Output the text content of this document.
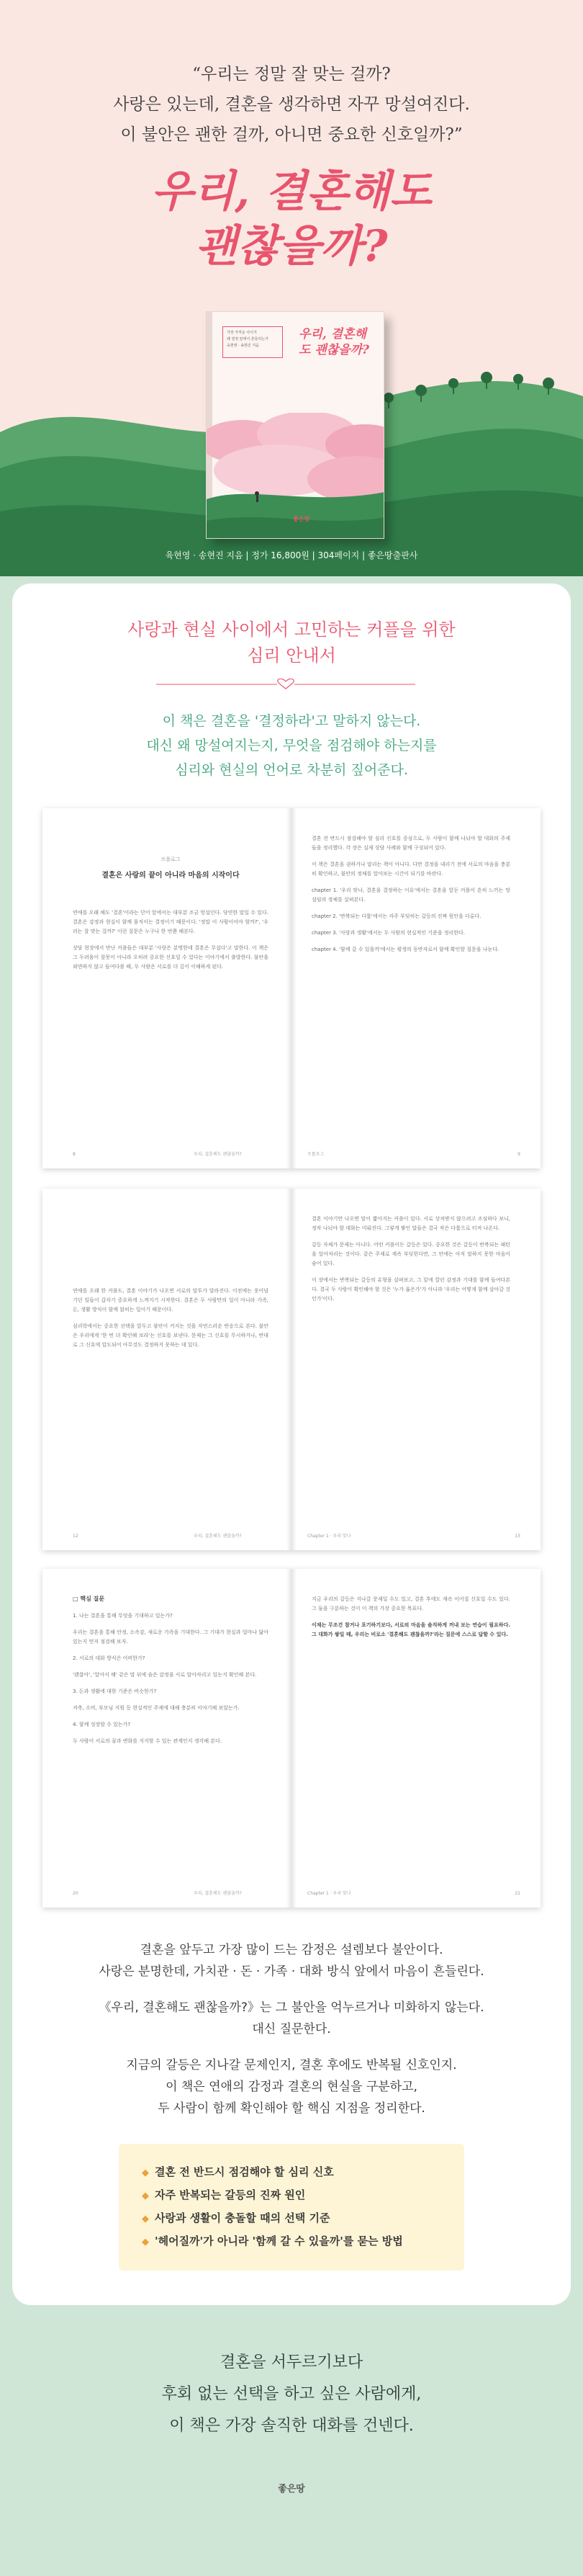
“우리는 정말 잘 맞는 걸까?

사랑은 있는데, 결혼을 생각하면 자꾸 망설여진다.

이 불안은 괜한 걸까, 아니면 중요한 신호일까?”

우리, 결혼해도
괜찮을까?
가장 가까운 사이가
왜 결정 앞에서 흔들리는가
육현영 · 송현진 지음
우리, 결혼해도 괜찮을까?
좋은땅
육현영 · 송현진 지음 | 정가 16,800원 | 304페이지 | 좋은땅출판사
사랑과 현실 사이에서 고민하는 커플을 위한
심리 안내서

이 책은 결혼을 '결정하라'고 말하지 않는다.

대신 왜 망설여지는지, 무엇을 점검해야 하는지를

심리와 현실의 언어로 차분히 짚어준다.

프롤로그
결혼은 사랑의 끝이 아니라 마음의 시작이다

연애를 오래 해도 '결혼'이라는 단어 앞에서는 대부분 조금 망설인다. 당연한 말일 수 있다. 결혼은 감정과 현실이 함께 움직이는 결정이기 때문이다. '정말 이 사람이어야 할까?', '우리는 잘 맞는 걸까?' 이런 질문은 누구나 한 번쯤 해본다.

상담 현장에서 만난 커플들은 대부분 '사랑은 분명한데 결혼은 무섭다'고 말한다. 이 책은 그 두려움이 잘못이 아니라 오히려 중요한 신호일 수 있다는 이야기에서 출발한다. 불안을 외면하지 않고 들여다볼 때, 두 사람은 서로를 더 깊이 이해하게 된다.

결혼 전 반드시 점검해야 할 심리 신호를 중심으로, 두 사람이 함께 나눠야 할 대화의 주제들을 정리했다. 각 장은 실제 상담 사례와 함께 구성되어 있다.

이 책은 결혼을 권하거나 말리는 책이 아니다. 다만 결정을 내리기 전에 서로의 마음을 충분히 확인하고, 불안의 정체를 알아보는 시간이 되기를 바란다.

chapter 1. '우리 맞나, 결혼을 결정하는 이유'에서는 결혼을 앞둔 커플이 흔히 느끼는 망설임의 정체를 살펴본다.

chapter 2. '반복되는 다툼'에서는 자주 부딪히는 갈등의 진짜 원인을 다룬다.

chapter 3. '사랑과 생활'에서는 두 사람의 현실적인 기준을 정리한다.

chapter 4. '함께 갈 수 있을까'에서는 평생의 동반자로서 함께 확인할 질문을 나눈다.

8	우리, 결혼해도 괜찮을까?	프롤로그	9

연애를 오래 한 커플도, 결혼 이야기가 나오면 서로의 말투가 달라진다. 이전에는 웃어넘기던 일들이 갑자기 중요하게 느껴지기 시작한다. 결혼은 두 사람만의 일이 아니라 가족, 돈, 생활 방식이 함께 얽히는 일이기 때문이다.

심리학에서는 중요한 선택을 앞두고 불안이 커지는 것을 자연스러운 반응으로 본다. 불안은 우리에게 '한 번 더 확인해 보라'는 신호를 보낸다. 문제는 그 신호를 무시하거나, 반대로 그 신호에 압도되어 아무것도 결정하지 못하는 데 있다.

결혼 이야기만 나오면 말이 짧아지는 커플이 있다. 서로 상처받지 않으려고 조심하다 보니, 정작 나눠야 할 대화는 미뤄진다. 그렇게 쌓인 말들은 결국 작은 다툼으로 터져 나온다.

갈등 자체가 문제는 아니다. 어떤 커플이든 갈등은 있다. 중요한 것은 갈등이 반복되는 패턴을 알아차리는 것이다. 같은 주제로 계속 부딪힌다면, 그 안에는 아직 말하지 못한 마음이 숨어 있다.

이 장에서는 반복되는 갈등의 유형을 살펴보고, 그 밑에 깔린 감정과 기대를 함께 들여다본다. 결국 두 사람이 확인해야 할 것은 '누가 옳은가'가 아니라 '우리는 어떻게 함께 살아갈 것인가'이다.

12	우리, 결혼해도 괜찮을까?	Chapter 1 · 우리 맞나	13
□ 핵심 질문

1. 나는 결혼을 통해 무엇을 기대하고 있는가?

우리는 결혼을 통해 안정, 소속감, 새로운 가족을 기대한다. 그 기대가 현실과 얼마나 닮아 있는지 먼저 점검해 보자.

2. 서로의 대화 방식은 어떠한가?

'괜찮아', '알아서 해' 같은 말 뒤에 숨은 감정을 서로 알아차리고 있는지 확인해 본다.

3. 돈과 생활에 대한 기준은 비슷한가?

저축, 소비, 부모님 지원 등 현실적인 주제에 대해 충분히 이야기해 보았는가.

4. 함께 성장할 수 있는가?

두 사람이 서로의 꿈과 변화를 지지할 수 있는 관계인지 생각해 본다.

지금 우리의 갈등은 지나갈 문제일 수도 있고, 결혼 후에도 계속 이어질 신호일 수도 있다. 그 둘을 구분하는 것이 이 책의 가장 중요한 목표다.

이제는 무조건 참거나 포기하기보다, 서로의 마음을 솔직하게 꺼내 보는 연습이 필요하다. 그 대화가 쌓일 때, 우리는 비로소 '결혼해도 괜찮을까?'라는 질문에 스스로 답할 수 있다.

20	우리, 결혼해도 괜찮을까?	Chapter 1 · 우리 맞나	21

결혼을 앞두고 가장 많이 드는 감정은 설렘보다 불안이다.

사랑은 분명한데, 가치관 · 돈 · 가족 · 대화 방식 앞에서 마음이 흔들린다.

《우리, 결혼해도 괜찮을까?》는 그 불안을 억누르거나 미화하지 않는다.

대신 질문한다.

지금의 갈등은 지나갈 문제인지, 결혼 후에도 반복될 신호인지.

이 책은 연애의 감정과 결혼의 현실을 구분하고,

두 사람이 함께 확인해야 할 핵심 지점을 정리한다.

◆ 결혼 전 반드시 점검해야 할 심리 신호
◆ 자주 반복되는 갈등의 진짜 원인
◆ 사랑과 생활이 충돌할 때의 선택 기준
◆ '헤어질까'가 아니라 '함께 갈 수 있을까'를 묻는 방법

결혼을 서두르기보다

후회 없는 선택을 하고 싶은 사람에게,

이 책은 가장 솔직한 대화를 건넨다.

좋은땅
